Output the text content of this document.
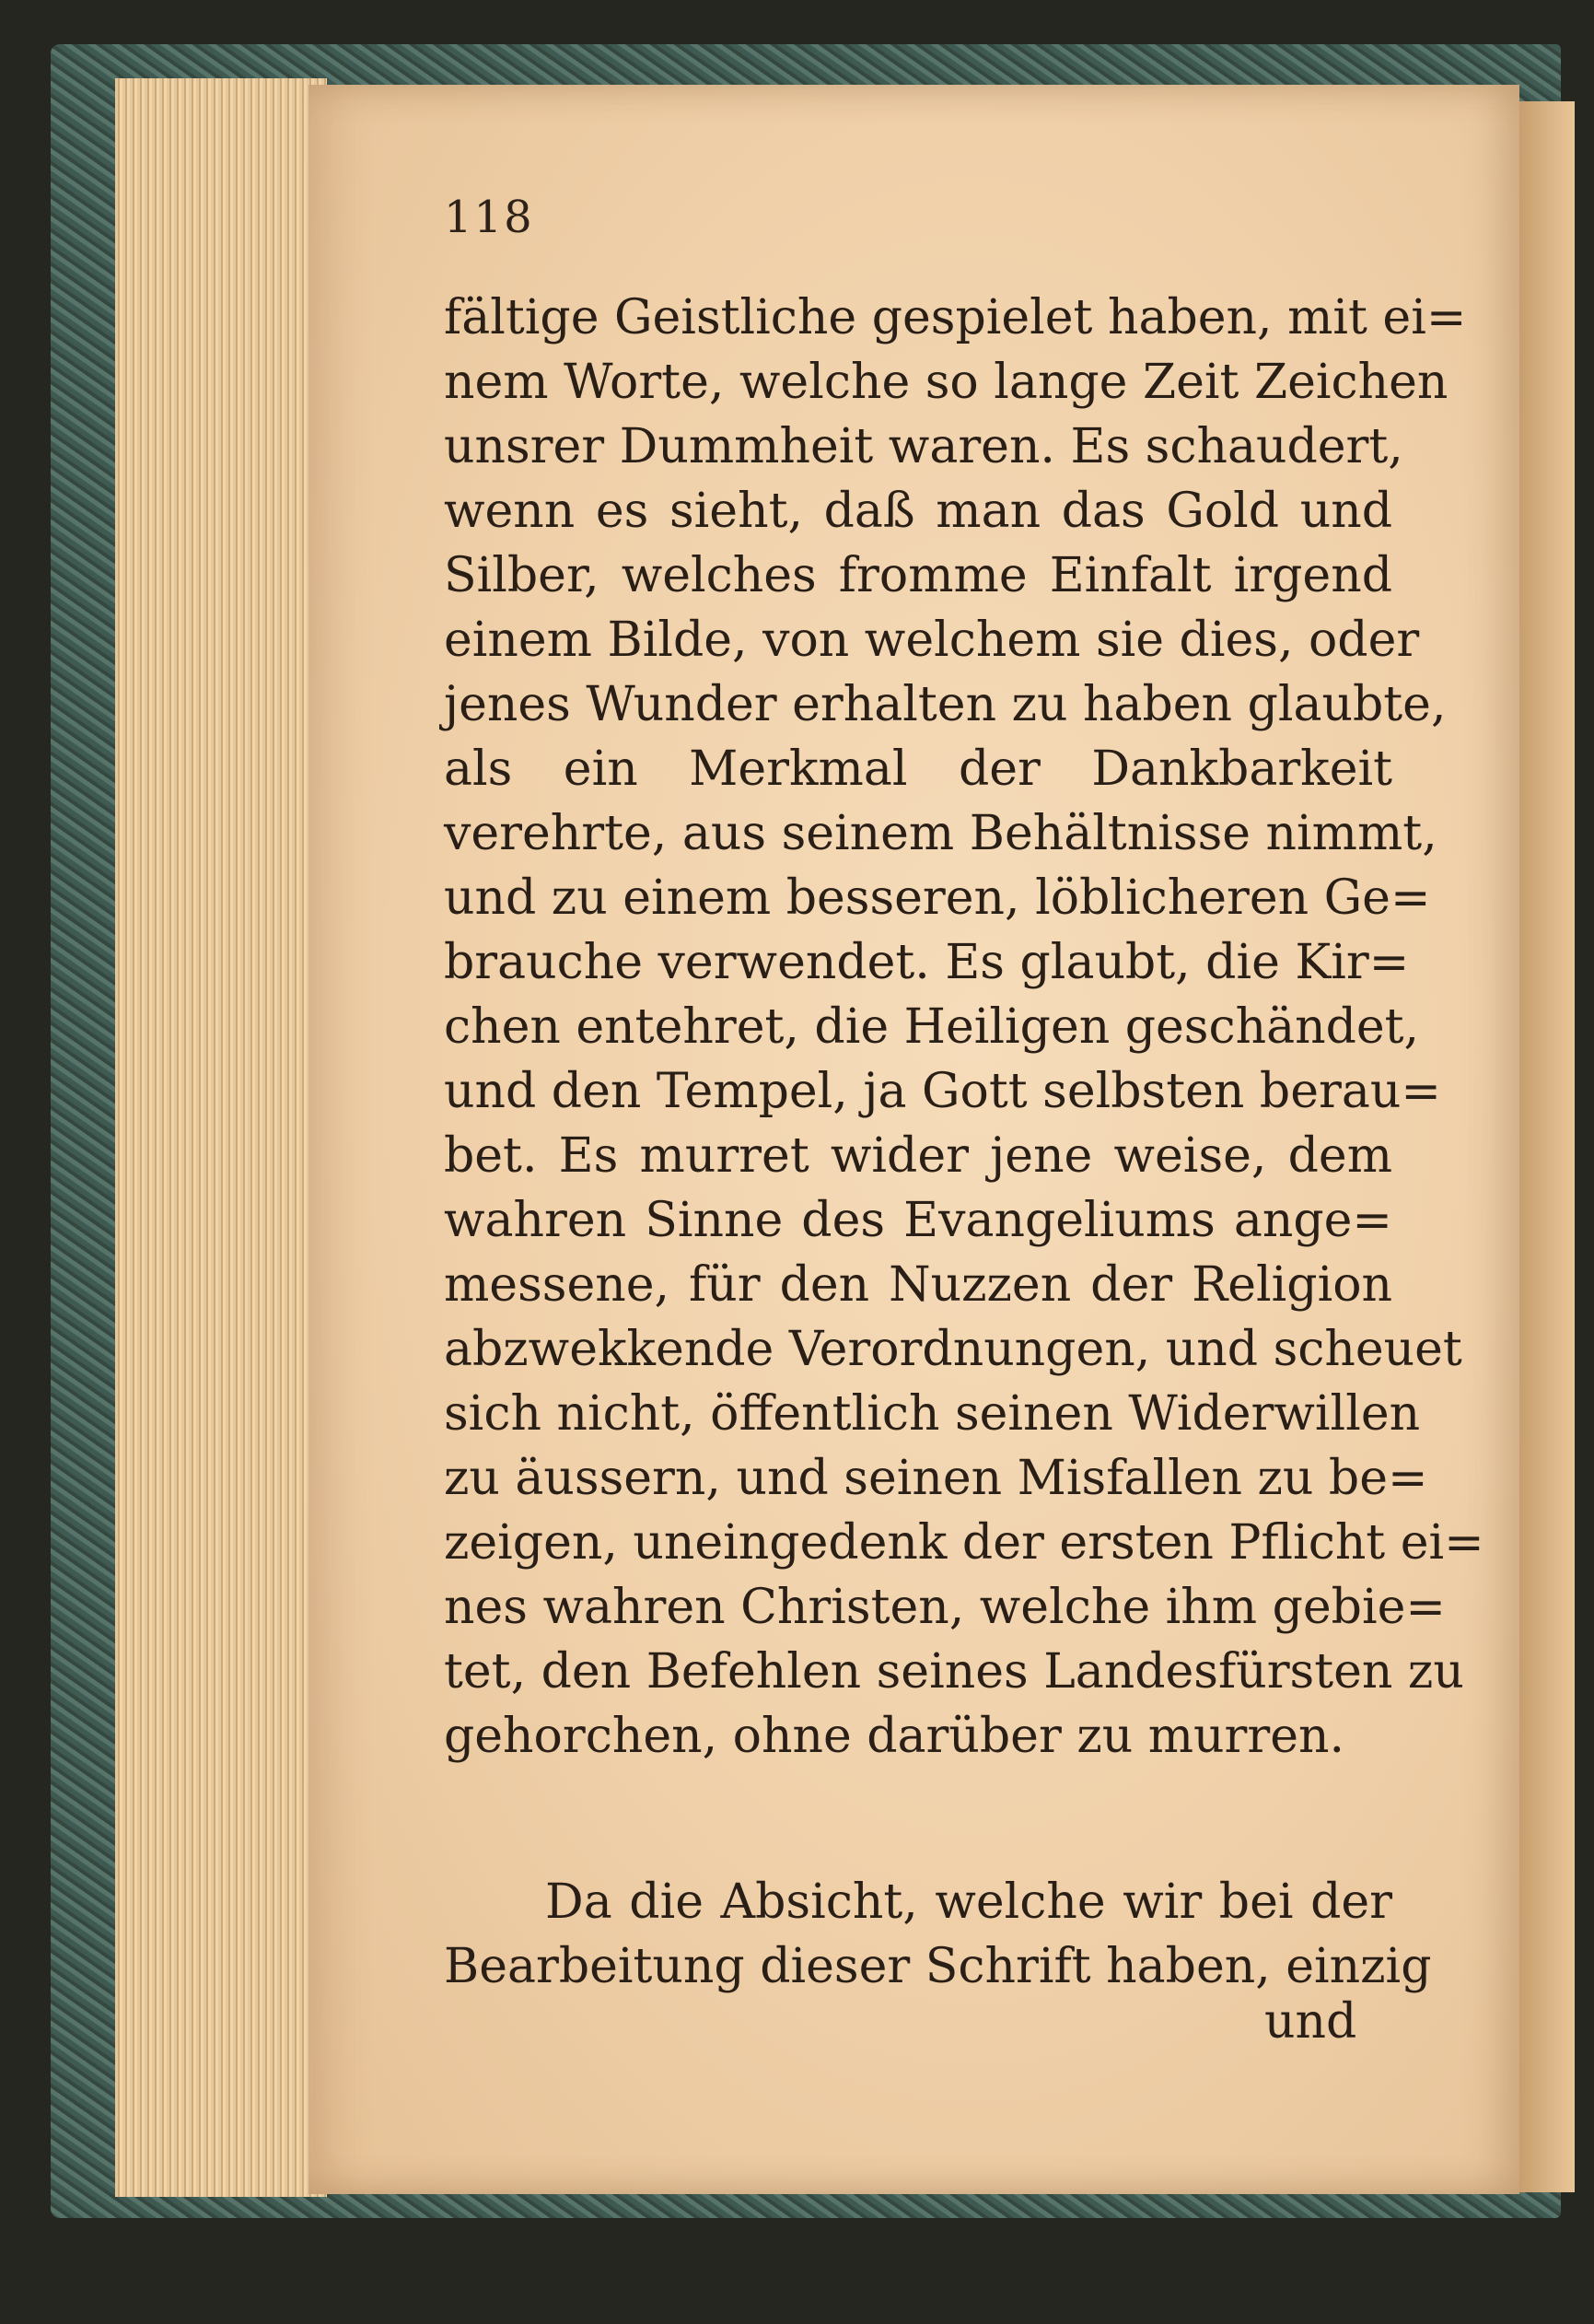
118
fältige Geistliche gespielet haben, mit ei=
nem Worte, welche so lange Zeit Zeichen
unsrer Dummheit waren. Es schaudert,
wenn es sieht, daß man das Gold und
Silber, welches fromme Einfalt irgend
einem Bilde, von welchem sie dies, oder
jenes Wunder erhalten zu haben glaubte,
als ein Merkmal der Dankbarkeit
verehrte, aus seinem Behältnisse nimmt,
und zu einem besseren, löblicheren Ge=
brauche verwendet. Es glaubt, die Kir=
chen entehret, die Heiligen geschändet,
und den Tempel, ja Gott selbsten berau=
bet. Es murret wider jene weise, dem
wahren Sinne des Evangeliums ange=
messene, für den Nuzzen der Religion
abzwekkende Verordnungen, und scheuet
sich nicht, öffentlich seinen Widerwillen
zu äussern, und seinen Misfallen zu be=
zeigen, uneingedenk der ersten Pflicht ei=
nes wahren Christen, welche ihm gebie=
tet, den Befehlen seines Landesfürsten zu
gehorchen, ohne darüber zu murren.
Da die Absicht, welche wir bei der
Bearbeitung dieser Schrift haben, einzig
und
